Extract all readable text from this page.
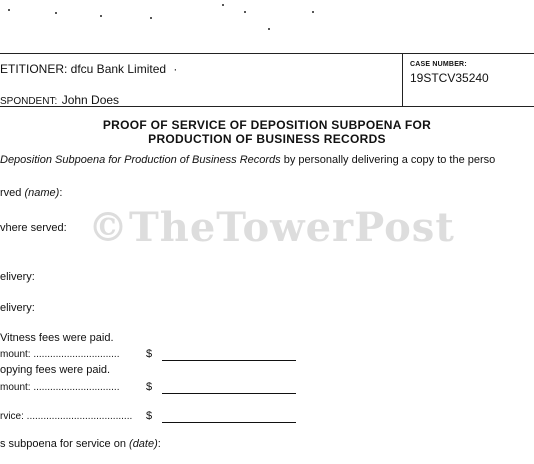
ETITIONER: dfcu Bank Limited ·
SPONDENT: John Does
CASE NUMBER:
19STCV35240
PROOF OF SERVICE OF DEPOSITION SUBPOENA FOR
PRODUCTION OF BUSINESS RECORDS
Deposition Subpoena for Production of Business Records by personally delivering a copy to the perso
©TheTowerPost
rved (name):
vhere served:
elivery:
elivery:
Vitness fees were paid.
mount: ............................... $
opying fees were paid.
mount: ............................... $
rvice: ...................................... $
s subpoena for service on (date):
